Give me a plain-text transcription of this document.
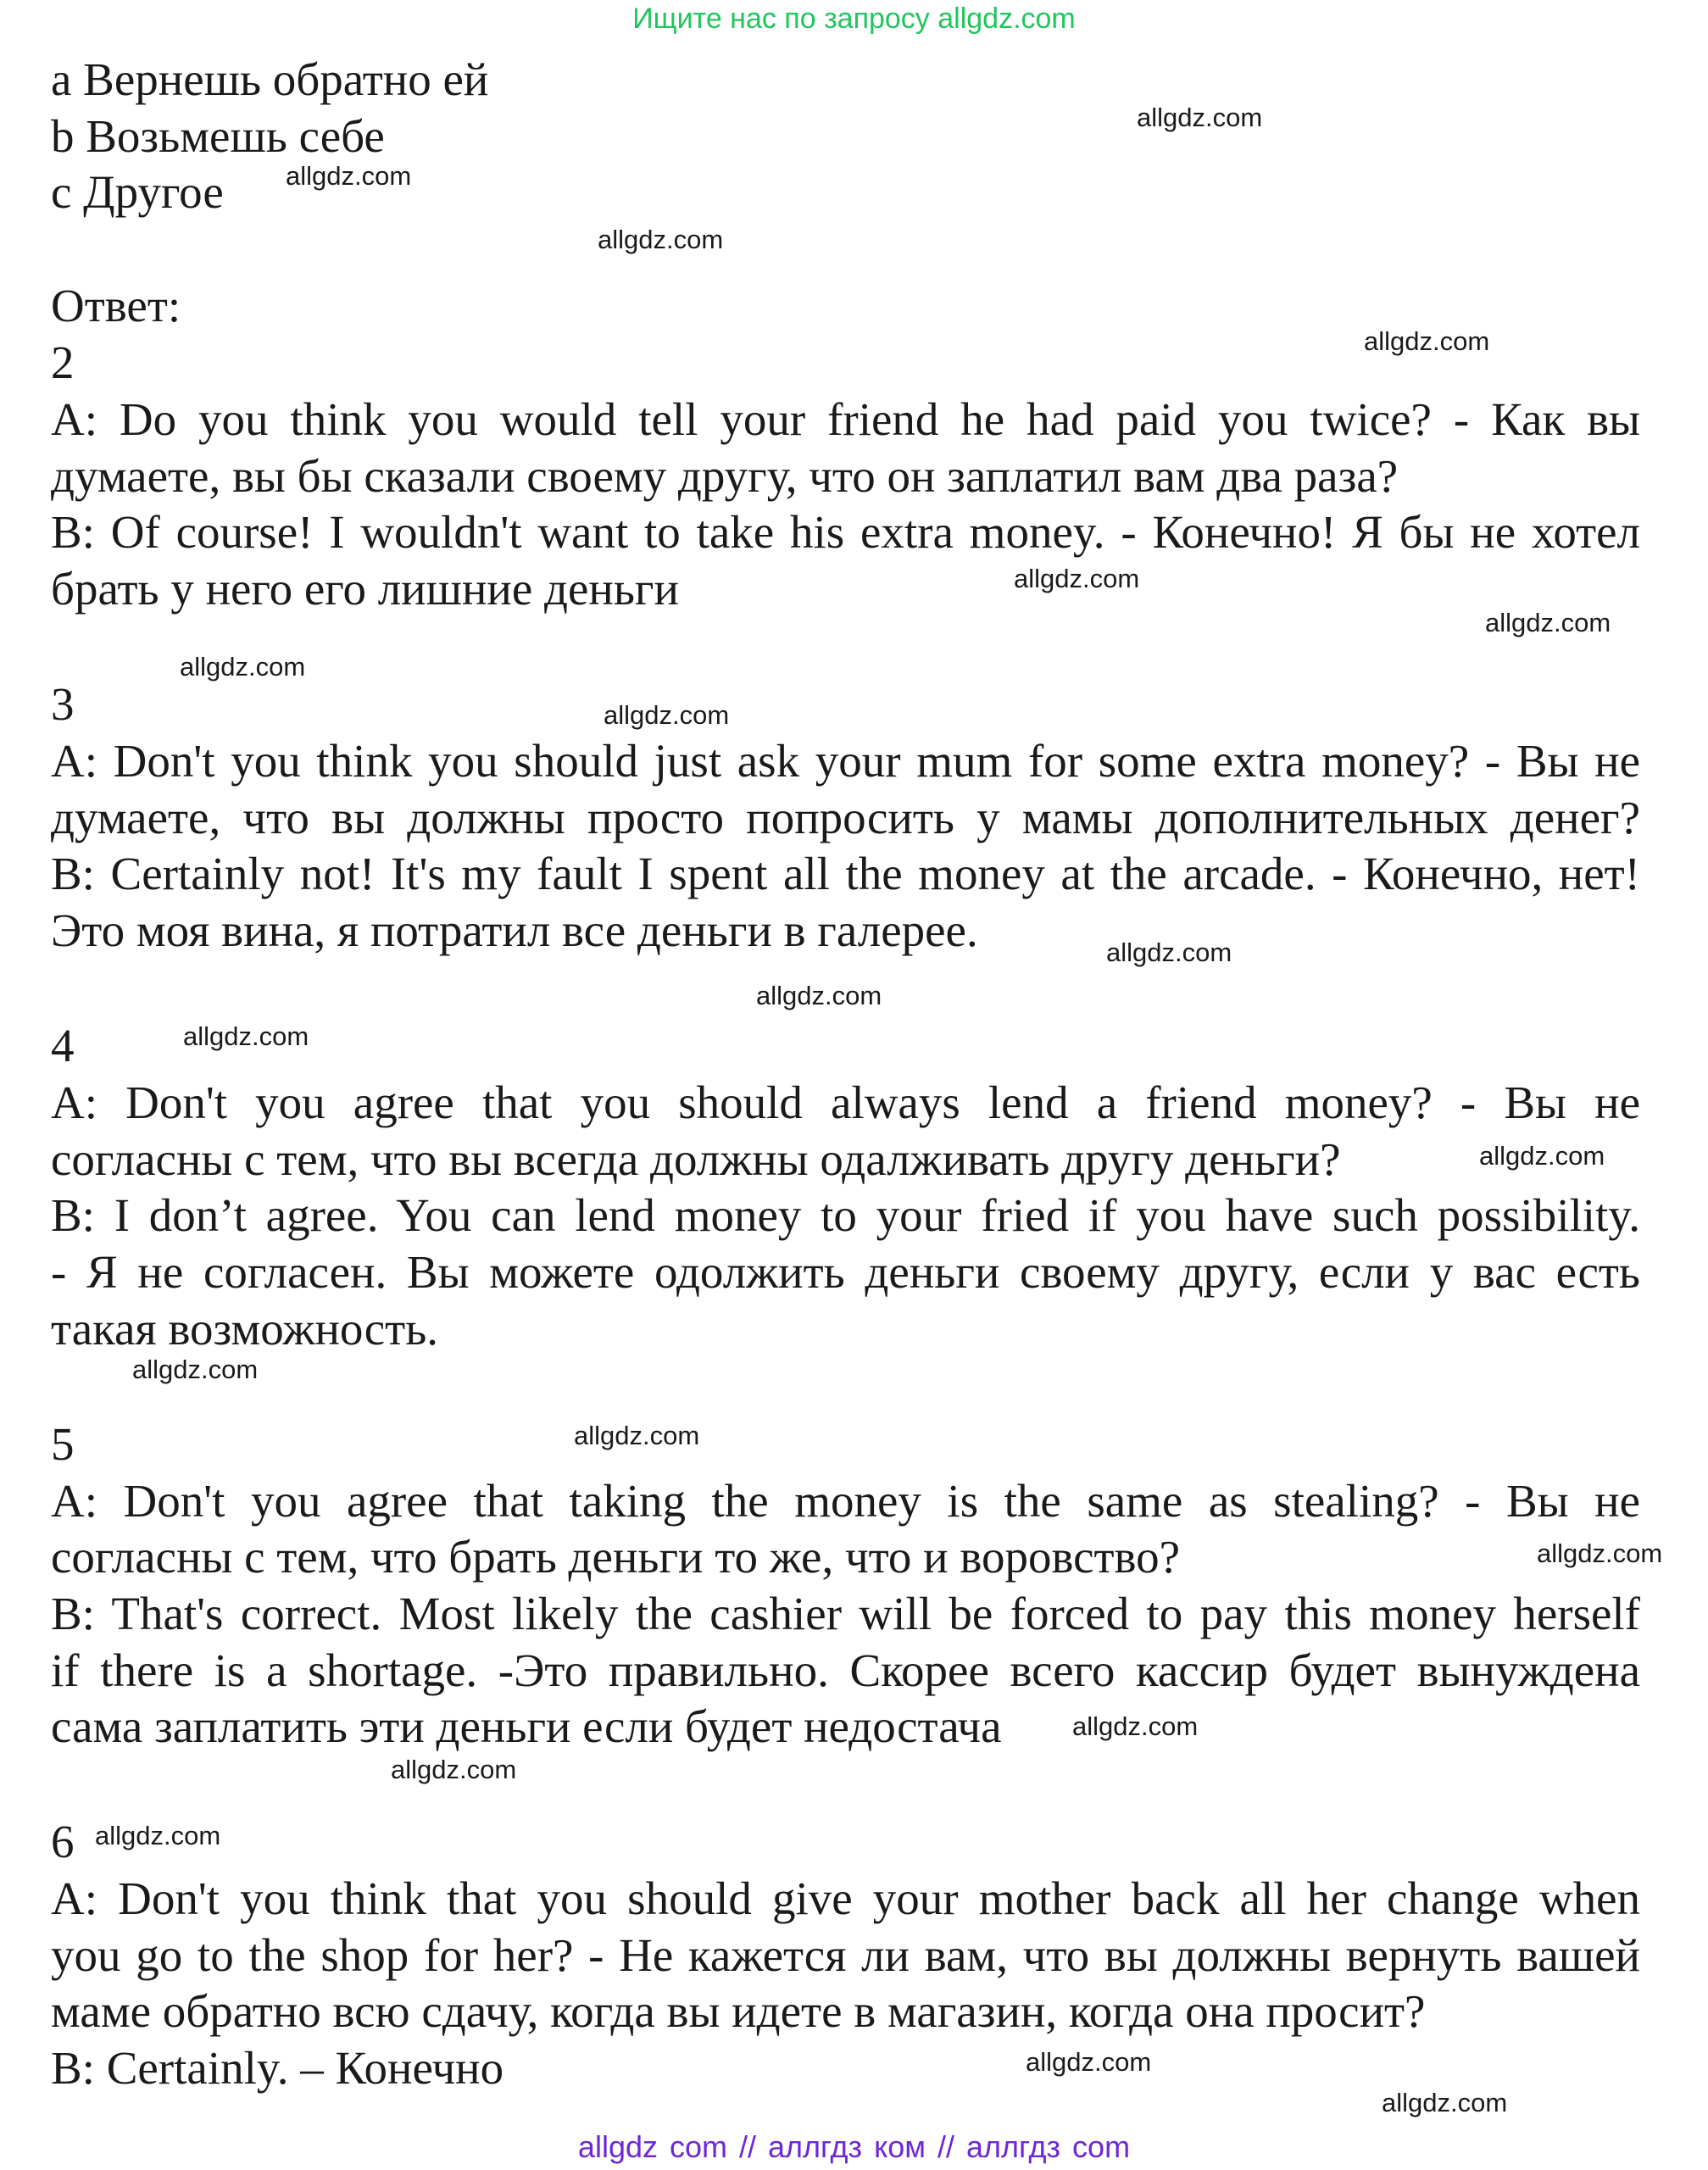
Ищите нас по запросу allgdz.com
a Вернешь обратно ей
b Возьмешь себе
c Другое
Ответ:
2
A: Do you think you would tell your friend he had paid you twice? - Как вы
думаете, вы бы сказали своему другу, что он заплатил вам два раза?
B: Of course! I wouldn't want to take his extra money. - Конечно! Я бы не хотел
брать у него его лишние деньги
3
A: Don't you think you should just ask your mum for some extra money? - Вы не
думаете, что вы должны просто попросить у мамы дополнительных денег?
B: Certainly not! It's my fault I spent all the money at the arcade. - Конечно, нет!
Это моя вина, я потратил все деньги в галерее.
4
A: Don't you agree that you should always lend a friend money? - Вы не
согласны с тем, что вы всегда должны одалживать другу деньги?
B: I don’t agree. You can lend money to your fried if you have such possibility.
- Я не согласен. Вы можете одолжить деньги своему другу, если у вас есть
такая возможность.
5
A: Don't you agree that taking the money is the same as stealing? - Вы не
согласны с тем, что брать деньги то же, что и воровство?
B: That's correct. Most likely the cashier will be forced to pay this money herself
if there is a shortage. -Это правильно. Скорее всего кассир будет вынуждена
сама заплатить эти деньги если будет недостача
6
A: Don't you think that you should give your mother back all her change when
you go to the shop for her? - Не кажется ли вам, что вы должны вернуть вашей
маме обратно всю сдачу, когда вы идете в магазин, когда она просит?
B: Certainly. – Конечно
allgdz.com
allgdz.com
allgdz.com
allgdz.com
allgdz.com
allgdz.com
allgdz.com
allgdz.com
allgdz.com
allgdz.com
allgdz.com
allgdz.com
allgdz.com
allgdz.com
allgdz.com
allgdz.com
allgdz.com
allgdz.com
allgdz.com
allgdz.com
allgdz com // аллгдз ком // аллгдз com
